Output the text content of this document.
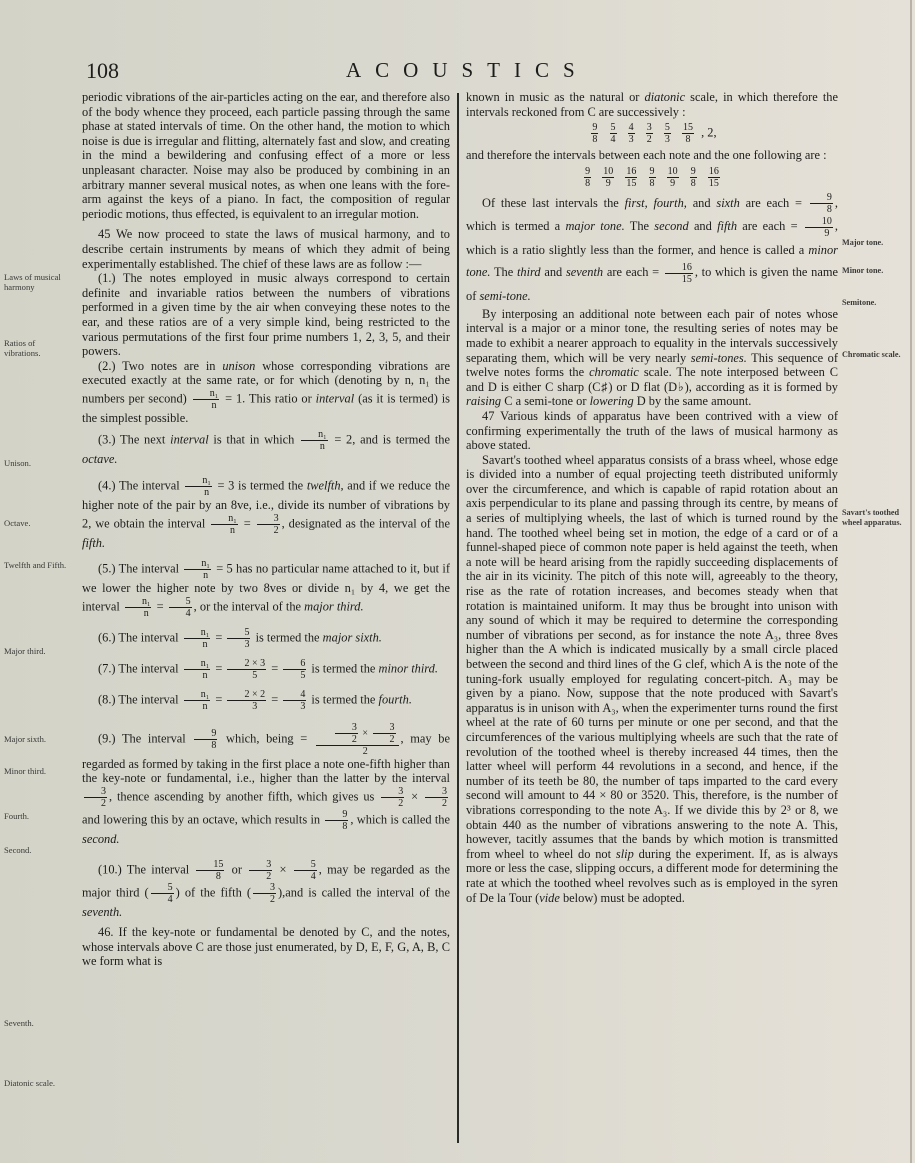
108	ACOUSTICS
Laws of musical harmony
Ratios of vibrations.
Unison.
Octave.
Twelfth and Fifth.
Major third.
Major sixth.
Minor third.
Fourth.
Second.
Seventh.
Diatonic scale.
Major tone.
Minor tone.
Semitone.
Chromatic scale.
Savart's toothed wheel apparatus.

periodic vibrations of the air-particles acting on the ear, and therefore also of the body whence they proceed, each particle passing through the same phase at stated intervals of time. On the other hand, the motion to which noise is due is irregular and flitting, alternately fast and slow, and creating in the mind a bewildering and confusing effect of a more or less unpleasant character. Noise may also be produced by combining in an arbitrary manner several musical notes, as when one leans with the fore-arm against the keys of a piano. In fact, the composition of regular periodic motions, thus effected, is equivalent to an irregular motion.

45 We now proceed to state the laws of musical harmony, and to describe certain instruments by means of which they admit of being experimentally established. The chief of these laws are as follow :—

(1.) The notes employed in music always correspond to certain definite and invariable ratios between the numbers of vibrations performed in a given time by the air when conveying these notes to the ear, and these ratios are of a very simple kind, being restricted to the various permutations of the first four prime numbers 1, 2, 3, 5, and their powers.

(2.) Two notes are in unison whose corresponding vibrations are executed exactly at the same rate, or for which (denoting by n, n₁ the numbers per second) $\frac{\text{n₁}}{n} = 1$. This ratio or interval (as it is termed) is the simplest possible.

(3.) The next interval is that in which $\frac{\text{n₁}}{n} = 2$, and is termed the octave.

(4.) The interval $\frac{\text{n₁}}{n} = 3$ is termed the twelfth, and if we reduce the higher note of the pair by an 8ve, i.e., divide its number of vibrations by 2, we obtain the interval $\frac{\text{n₁}}{n} = \frac{3}{2}$ , designated as the interval of the fifth.

(5.) The interval $\frac{\text{n₁}}{n} = 5$ has no particular name attached to it, but if we lower the higher note by two 8ves or divide n₁ by 4, we get the interval $\frac{\text{n₁}}{n} = \frac{5}{4}$ , or the interval of the major third.

(6.) The interval $\frac{\text{n₁}}{n} = \frac{5}{3}$ is termed the major sixth.

(7.) The interval $\frac{\text{n₁}}{n} = \frac{2 \times 3}{5} = \frac{6}{5}$ is termed the minor third.

(8.) The interval $\frac{\text{n₁}}{n} = \frac{2 \times 2}{3} = \frac{4}{3}$ is termed the fourth.

(9.) The interval $\frac{9}{8}$ which, being = $\frac{\frac{3}{2} \times \frac{3}{2}}{2}$ , may be regarded as formed by taking in the first place a note one-fifth higher than the key-note or fundamental, i.e., higher than the latter by the interval
$\frac{3}{2}$ , thence ascending by another fifth, which gives us $\frac{3}{2} \times \frac{3}{2}$
and lowering this by an octave, which results in $\frac{9}{8}$ , which is called the second.

(10.) The interval $\frac{15}{8}$ or $\frac{3}{2} \times \frac{5}{4}$ , may be regarded as the major third ( $\frac{5}{4}$ ) of the fifth ( $\frac{3}{2} ),and$ is called the interval of the seventh.

46. If the key-note or fundamental be denoted by C, and the notes, whose intervals above C are those just enumerated, by D, E, F, G, A, B, C we form what is

known in music as the natural or diatonic scale, in which therefore the intervals reckoned from C are successively :

$\frac{9}{8}$
$\frac{5}{4}$
$\frac{4}{3}$
$\frac{3}{2}$
$\frac{5}{3}$
$\frac{15}{8}$ , 2,

and therefore the intervals between each note and the one following are :

$\frac{9}{8}$
$\frac{10}{9}$
$\frac{16}{15}$
$\frac{9}{8}$
$\frac{10}{9}$
$\frac{9}{8}$
$\frac{16}{15}$

Of these last intervals the first, fourth, and sixth are each = $\frac{9}{8}$ , which is termed a major tone. The second and fifth are each = $\frac{10}{9}$ , which is a ratio slightly less than the former, and hence is called a minor tone. The third and seventh are each = $\frac{16}{15}$ , to which is given the name of semi-tone.

By interposing an additional note between each pair of notes whose interval is a major or a minor tone, the resulting series of notes may be made to exhibit a nearer approach to equality in the intervals successively separating them, which will be very nearly semi-tones. This sequence of twelve notes forms the chromatic scale. The note interposed between C and D is either C sharp (C♯) or D flat (D♭), according as it is formed by raising C a semi-tone or lowering D by the same amount.

47 Various kinds of apparatus have been contrived with a view of confirming experimentally the truth of the laws of musical harmony as above stated.

Savart's toothed wheel apparatus consists of a brass wheel, whose edge is divided into a number of equal projecting teeth distributed uniformly over the circumference, and which is capable of rapid rotation about an axis perpendicular to its plane and passing through its centre, by means of a series of multiplying wheels, the last of which is turned round by the hand. The toothed wheel being set in motion, the edge of a card or of a funnel-shaped piece of common note paper is held against the teeth, when a note will be heard arising from the rapidly succeeding displacements of the air in its vicinity. The pitch of this note will, agreeably to the theory, rise as the rate of rotation increases, and becomes steady when that rotation is maintained uniform. It may thus be brought into unison with any sound of which it may be required to determine the corresponding number of vibrations per second, as for instance the note A₃, three 8ves higher than the A which is indicated musically by a small circle placed between the second and third lines of the G clef, which A is the note of the tuning-fork usually employed for regulating concert-pitch. A₃ may be given by a piano. Now, suppose that the note produced with Savart's apparatus is in unison with A₃, when the experimenter turns round the first wheel at the rate of 60 turns per minute or one per second, and that the circumferences of the various multiplying wheels are such that the rate of revolution of the toothed wheel is thereby increased 44 times, then the latter wheel will perform 44 revolutions in a second, and hence, if the number of its teeth be 80, the number of taps imparted to the card every second will amount to 44 × 80 or 3520. This, therefore, is the number of vibrations corresponding to the note A₃. If we divide this by 2³ or 8, we obtain 440 as the number of vibrations answering to the note A. This, however, tacitly assumes that the bands by which motion is transmitted from wheel to wheel do not slip during the experiment. If, as is always more or less the case, slipping occurs, a different mode for determining the rate at which the toothed wheel revolves such as is employed in the syren of De la Tour (vide below) must be adopted.
